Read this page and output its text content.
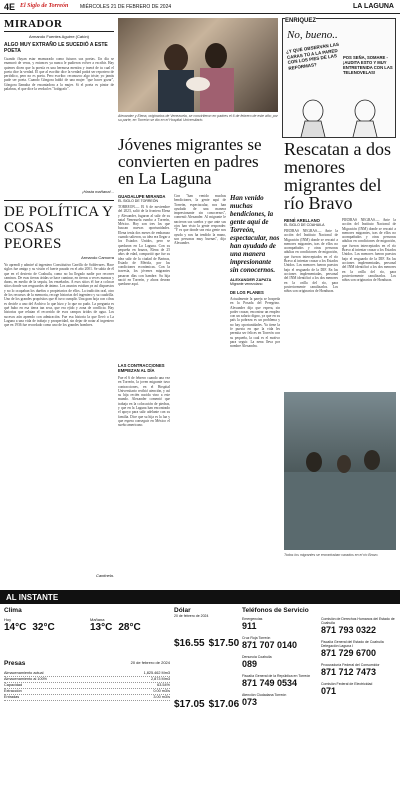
4E El Siglo de Torreón MIÉRCOLES 21 DE FEBRERO DE 2024	LA LAGUNA
MIRADOR
Armando Fuentes Aguirre (Catón)
ALGO MUY EXTRAÑO LE SUCEDIÓ A ESTE POETA
Cuando fluyan estar enamorado como futuros sus poetas. Un día se enamoró de veras, y entonces ya nunca le pudieron volver a escribir. Hay quienes dicen que la poesía es una hermosa mentira y traerá de tu cual el poeta dice la verdad. El que al escribir dice la verdad podrá ser reportero de periódico, pero no es poeta. Pero escribo: reconozco algo triste; yo jamás pude ser poeta. Cuando Góngora habló de una mujer "que hacer gozar", Góngora llamaba de encantadora a la mujer. Si el poeta es pintor de palabras, el que dice la verdad es "fotógrafo".
¡Hasta mañana!...
DE POLÍTICA Y COSAS PEORES
Armando Camorra
Yo aprendí y admiré al ingeniero Constitutivo Carrillo de Soldevares. Hace siglos fue amigo y su visión el fuerte pasado en el año 2001. Se sabía de él que en el desierto de Coahuila, como no ha llegado nadie por recorrer caminos. De esas tierras áridas se hace caminar, en tierras a veces mansas y duras, en medio de la sequía, los enseñados. A esos sitios él fue a colocar sitios donde son resguardos de ánimo. Los asuntos estaban ya así dispuestos y no lo ocupaban los dueños o propietarios de ellos. La tradición oral, otro de los recursos de la memoria, recoge historias del ingeniero y su cuadrilla. Uno de los grandes propósitos que él tuvo cumplir. Una gran hoja con cifras es decirle a uno del Archivo lo que hizo y lo que no pudo. La pregunta es qué hubo en esa tierra tan seca, que era ejido y zona de conflicto. Hay historias que relatan el recorrido de esos campos áridos de agua. Los sucesos aún aprendo con admiración. Fue esa historia la que llevó a La Laguna a una vida de trabajo y prosperidad, sin dejar de notar al ingeniero que en 1936 fue recordado como uno de los grandes hombres.
Cantinela.
Alexander y Elena, originarios de Venezuela, se convirtieron en padres el 6 de febrero de este año; por su parte, en Torreón se dio en el Hospital Universitario.
ENRIQUEZ
No, bueno..
¿Y QUÉ OBSERVAN LAS CARAS TÚ A LA PARED CON LOS PIES DE LAS REFORMAS?
POS SEÑA, SOMARE - ¡AUDITA ESTO Y MUY ENTRETENIDA CON LAS TELENOVELAS!
Jóvenes migrantes se convierten en padres en La Laguna
GUADALUPE MIRANDA
EL SIGLO DE TORREÓN
TORREÓN.— El 6 de noviembre del 2023, salió de la frontera Elena y Alexander, fugaron al salir de su natal Venezuela rumbo a Torreón, México. Hoy son tres los que buscan nuevas oportunidades. Elena tenía dos meses de embarazo cuando salieron, su idea era llegar a los Estados Unidos, pero se quedaron en La Laguna. Con su pequeña en brazos, Elena de 25 años de edad, compartió que fue su idea salir de la ciudad de Barinas, Estado de Mérida, por las condiciones económicas. Con la travesía, los jóvenes migrantes pasaron días con hambre. Su hija nació en Torreón, y ahora desean quedarse aquí.
LAS CONTRACCIONES EMPIEZAN AL DÍA
Fue el 6 de febrero cuando una vez en Torreón, la joven migrante tuvo contracciones, en el Hospital Universitario recibió atención, y así su hija recién nacida vino a este mundo. Alexander comentó que trabaja en la colocación de piedras, y que en la Laguna han encontrado el apoyo para salir adelante con su familia. Dice que su hija es la luz y que espera conseguir en México el sueño americano.
Con "han venido muchas bendiciones, la gente aquí de Torreón, espectacular, nos han ayudado de una manera impresionante sin conocernos", comentó Alexander. Al migrante le nacieron sus sueños y que ante sus ojos han visto la gente responder. "Y es que donde sea esta gente nos ayuda y nos ha tendido la mano, son personas muy buenas", dijo Alexander.
Han venido muchas bendiciones, la gente aquí de Torreón, espectacular, nos han ayudado de una manera impresionante sin conocernos.
ALEXANDER ZAPATA
Migrante venezolano
DE LOS PLANES
Actualmente la pareja se hospeda en la Posada del Peregrino. Alexander dijo que espera, sin poder cruzar, encontrar un empleo con un salario digno, ya que en su país la pobreza es un problema y no hay oportunidades. Ya tiene la fe puesta en que la vida les permita ser felices en Torreón con su pequeña, la cual es el motivo para seguir. La nena lleva por nombre Alexandra.
Rescatan a dos menores migrantes del río Bravo
RENÉ ARELLANO
EL SIGLO DE COAHUILA
PIEDRAS NEGRAS.— Ante la acción del Instituto Nacional de Migración (INM) donde se rescató a menores migrantes, tras de ellos no acompañados y otras personas adultas en condiciones de migración, que fueron interceptados en el río Bravo al intentar cruzar a los Estados Unidos. Los menores fueron puestos bajo el resguardo de la DIF. En las acciones implementadas, personal del INM identificó a los dos menores en la orilla del río, para posteriormente canalizarlos. Los niños son originarios de Honduras.
PIEDRAS NEGRAS.— Ante la acción del Instituto Nacional de Migración (INM) donde se rescató a menores migrantes, tras de ellos no acompañados y otras personas adultas en condiciones de migración, que fueron interceptados en el río Bravo al intentar cruzar a los Estados Unidos. Los menores fueron puestos bajo el resguardo de la DIF. En las acciones implementadas, personal del INM identificó a los dos menores en la orilla del río, para posteriormente canalizarlos. Los niños son originarios de Honduras.
Todos los migrantes se encontraban varados en el río Bravo.
AL INSTANTE
Clima
Hoy
14°C 32°C
Mañana
13°C 28°C
Presas	20 de febrero de 2024
Almacenamiento actual	1,825.462 Mm3
Almacenamiento al 100%	2,873 Mm3
Capacidad	63.54%
Extracción	0.00 m3/s
Entradas	3.00 m3/s
Dólar
20 de febrero de 2024
$16.55 $17.50
$17.05 $17.06
Teléfonos de Servicio
Emergencias
911
Cruz Roja Torreón
871 707 0140
Denuncia Coahuila
089
Fiscalía General de la República en Torreón
871 749 0534
Atención Ciudadana Torreón
073
Comisión de Derechos Humanos del Estado de Coahuila
871 793 0322
Fiscalía General del Estado de Coahuila Delegación Laguna I
871 729 6700
Procuraduría Federal del Consumidor
871 712 7473
Comisión Federal de Electricidad
071
